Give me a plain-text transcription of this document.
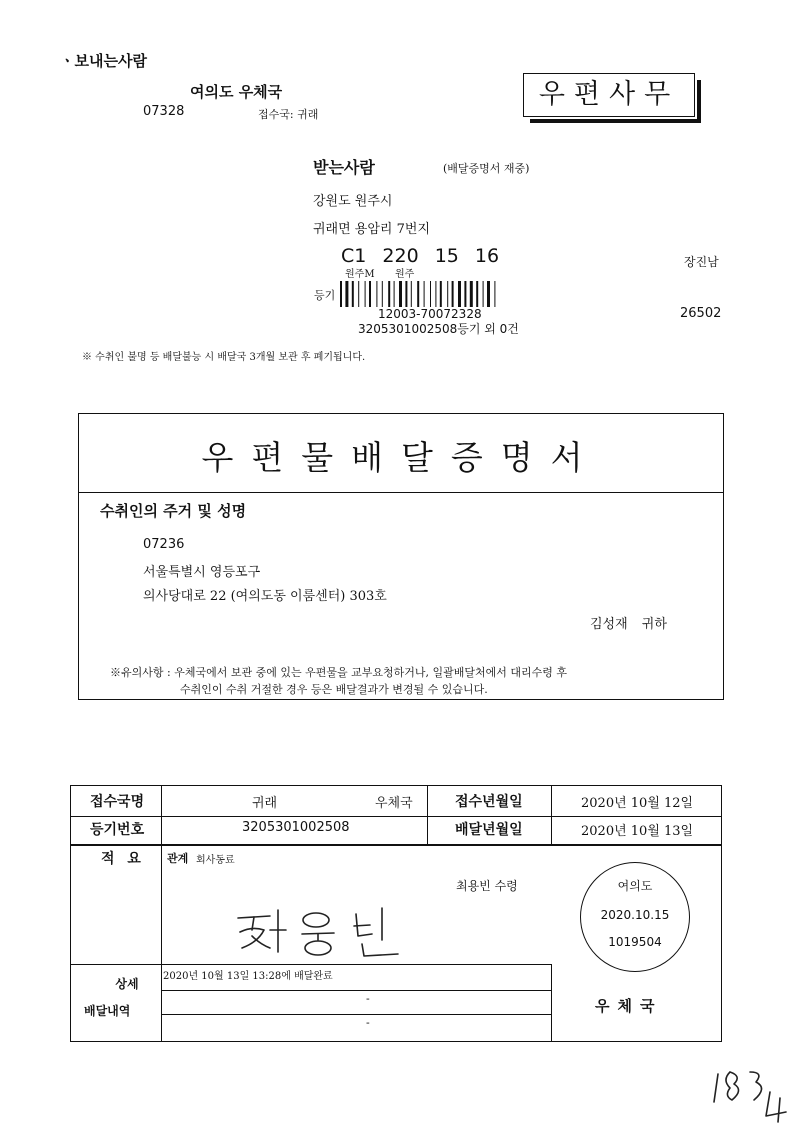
ㆍ보내는사람
여의도 우체국
07328	접수국: 귀래
우편사무
받는사람	(배달증명서 재중)
강원도 원주시
귀래면 용암리 7번지
C1 220 15 16
원주M 원주
장진남
등기
12003-70072328
3205301002508등기 외 0건
26502
※ 수취인 불명 등 배달불능 시 배달국 3개월 보관 후 폐기됩니다.
우편물배달증명서
수취인의 주거 및 성명
07236
서울특별시 영등포구
의사당대로 22 (여의도동 이룸센터) 303호
김성재 귀하
※유의사항 : 우체국에서 보관 중에 있는 우편물을 교부요청하거나, 일괄배달처에서 대리수령 후
수취인이 수취 거절한 경우 등은 배달결과가 변경될 수 있습니다.
접수국명	귀래	우체국	접수년월일	2020년 10월 12일
등기번호	3205301002508	배달년월일	2020년 10월 13일
적 요 관계 회사동료
최용빈 수령	여의도
2020.10.15
1019504
상세
배달내역
2020년 10월 13일 13:28에 배달완료
-
-
우체국
